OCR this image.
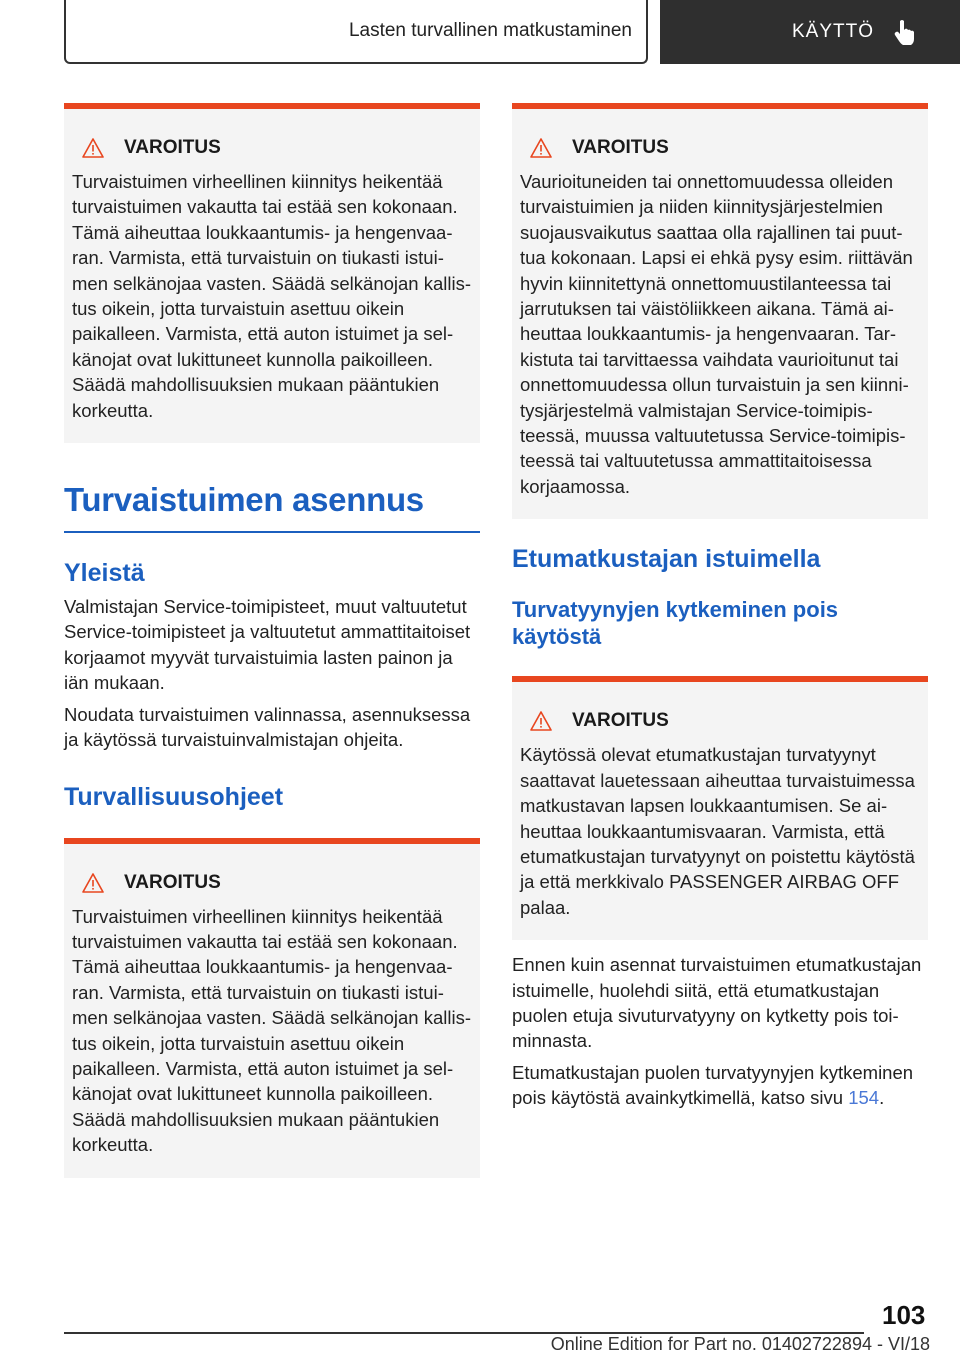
Lasten turvallinen matkustaminen	KÄYTTÖ
VAROITUS
Turvaistuimen virheellinen kiinnitys heikentää turvaistuimen vakautta tai estää sen kokonaan. Tämä aiheuttaa loukkaantumis- ja hengenvaaran. Varmista, että turvaistuin on tiukasti istuimen selkänojaa vasten. Säädä selkänojan kallistus oikein, jotta turvaistuin asettuu oikein paikalleen. Varmista, että auton istuimet ja selkänojat ovat lukittuneet kunnolla paikoilleen. Säädä mahdollisuuksien mukaan pääntukien korkeutta.
Turvaistuimen asennus
Yleistä

Valmistajan Service-toimipisteet, muut valtuutetut Service-toimipisteet ja valtuutetut ammattitaitoiset korjaamot myyvät turvaistuimia lasten painon ja iän mukaan.

Noudata turvaistuimen valinnassa, asennuksessa ja käytössä turvaistuinvalmistajan ohjeita.

Turvallisuusohjeet
VAROITUS
Turvaistuimen virheellinen kiinnitys heikentää turvaistuimen vakautta tai estää sen kokonaan. Tämä aiheuttaa loukkaantumis- ja hengenvaaran. Varmista, että turvaistuin on tiukasti istuimen selkänojaa vasten. Säädä selkänojan kallistus oikein, jotta turvaistuin asettuu oikein paikalleen. Varmista, että auton istuimet ja selkänojat ovat lukittuneet kunnolla paikoilleen. Säädä mahdollisuuksien mukaan pääntukien korkeutta.
VAROITUS
Vaurioituneiden tai onnettomuudessa olleiden turvaistuimien ja niiden kiinnitysjärjestelmien suojausvaikutus saattaa olla rajallinen tai puuttua kokonaan. Lapsi ei ehkä pysy esim. riittävän hyvin kiinnitettynä onnettomuustilanteessa tai jarrutuksen tai väistöliikkeen aikana. Tämä aiheuttaa loukkaantumis- ja hengenvaaran. Tarkistuta tai tarvittaessa vaihdata vaurioitunut tai onnettomuudessa ollun turvaistuin ja sen kiinnitysjärjestelmä valmistajan Service-toimipisteessä, muussa valtuutetussa Service-toimipisteessä tai valtuutetussa ammattitaitoisessa korjaamossa.
Etumatkustajan istuimella
Turvatyynyjen kytkeminen pois käytöstä
VAROITUS
Käytössä olevat etumatkustajan turvatyynyt saattavat lauetessaan aiheuttaa turvaistuimessa matkustavan lapsen loukkaantumisen. Se aiheuttaa loukkaantumisvaaran. Varmista, että etumatkustajan turvatyynyt on poistettu käytöstä ja että merkkivalo PASSENGER AIRBAG OFF palaa.

Ennen kuin asennat turvaistuimen etumatkustajan istuimelle, huolehdi siitä, että etumatkustajan puolen etuja sivuturvatyyny on kytketty pois toiminnasta.

Etumatkustajan puolen turvatyynyjen kytkeminen pois käytöstä avainkytkimellä, katso sivu 154.

103
Online Edition for Part no. 01402722894 - VI/18
